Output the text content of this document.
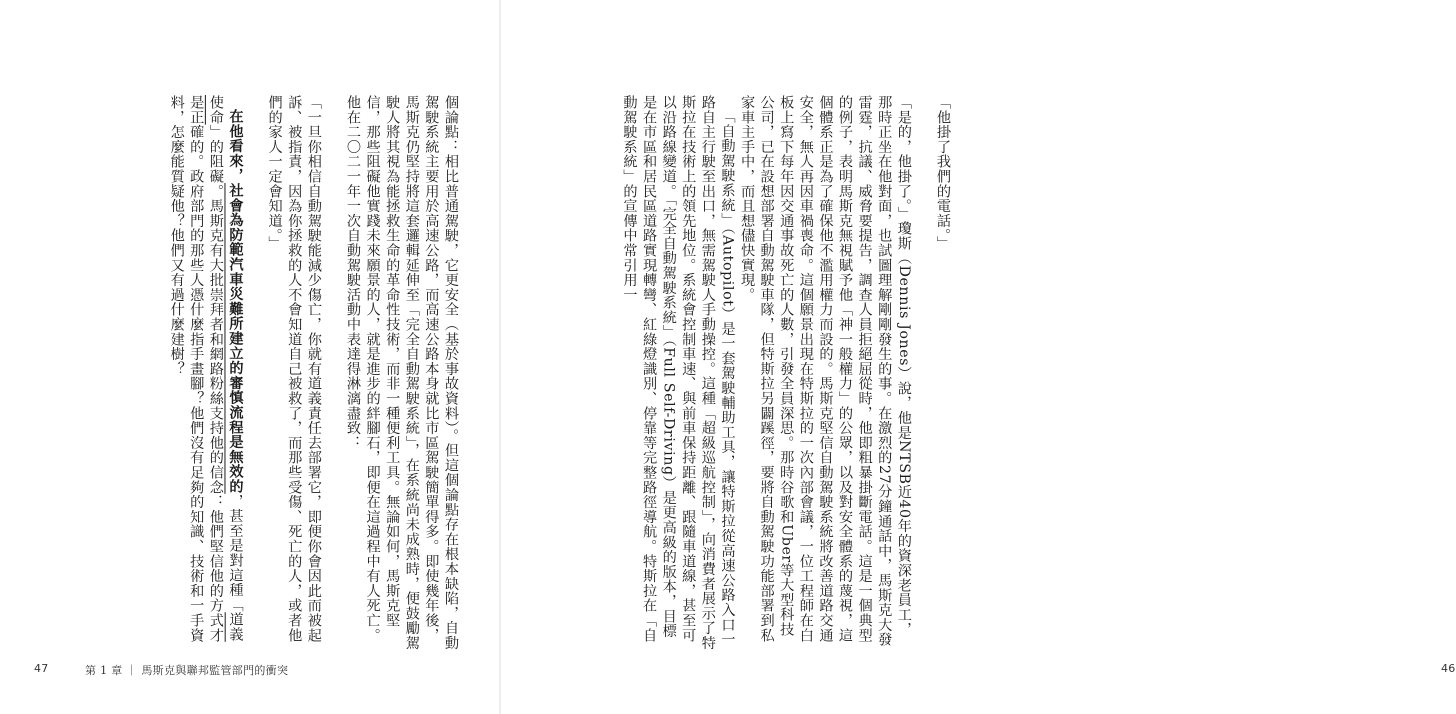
個論點：相比普通駕駛，它更安全（基於事故資料）。但這個論點存在根本缺陷，自動駕駛系統主要用於高速公路，而高速公路本身就比市區駕駛簡單得多。即使幾年後，馬斯克仍堅持將這套邏輯延伸至「完全自動駕駛系統」，在系統尚未成熟時，便鼓勵駕駛人將其視為能拯救生命的革命性技術，而非一種便利工具。無論如何，馬斯克堅信，那些阻礙他實踐未來願景的人，就是進步的絆腳石，即便在這過程中有人死亡。他在二〇二一年一次自動駕駛活動中表達得淋漓盡致：

「一旦你相信自動駕駛能減少傷亡，你就有道義責任去部署它，即便你會因此而被起訴、被指責，因為你拯救的人不會知道自己被救了，而那些受傷、死亡的人，或者他們的家人一定會知道。」

在他看來，社會為防範汽車災難所建立的審慎流程是無效的，甚至是對這種「道義使命」的阻礙。馬斯克有大批崇拜者和網路粉絲支持他的信念：他們堅信他的方式才是正確的。政府部門的那些人憑什麼指手畫腳？他們沒有足夠的知識、技術和一手資料，怎麼能質疑他？他們又有過什麼建樹？

47	第 1 章 ｜ 馬斯克與聯邦監管部門的衝突

「他掛了我們的電話。」

「是的，他掛了。」瓊斯（Dennis Jones）說，他是NTSB近40年的資深老員工，那時正坐在他對面，也試圖理解剛剛發生的事。在激烈的27分鐘通話中，馬斯克大發雷霆，抗議、威脅要提告，調查人員拒絕屈從時，他即粗暴掛斷電話。這是一個典型的例子，表明馬斯克無視賦予他「神一般權力」的公眾，以及對安全體系的蔑視，這個體系正是為了確保他不濫用權力而設的。馬斯克堅信自動駕駛系統將改善道路交通安全，無人再因車禍喪命。這個願景出現在特斯拉的一次內部會議，一位工程師在白板上寫下每年因交通事故死亡的人數，引發全員深思。那時谷歌和Uber等大型科技公司，已在設想部署自動駕駛車隊，但特斯拉另闢蹊徑，要將自動駕駛功能部署到私家車主手中，而且想儘快實現。

「自動駕駛系統」（Autopilot）是一套駕駛輔助工具，讓特斯拉從高速公路入口一路自主行駛至出口，無需駕駛人手動操控。這種「超級巡航控制」，向消費者展示了特斯拉在技術上的領先地位。系統會控制車速、與前車保持距離、跟隨車道線，甚至可以沿路線變道。「完全自動駕駛系統」（Full Self-Driving）是更高級的版本，目標是在市區和居民區道路實現轉彎、紅綠燈識別、停靠等完整路徑導航。特斯拉在「自動駕駛系統」的宣傳中常引用一

46
